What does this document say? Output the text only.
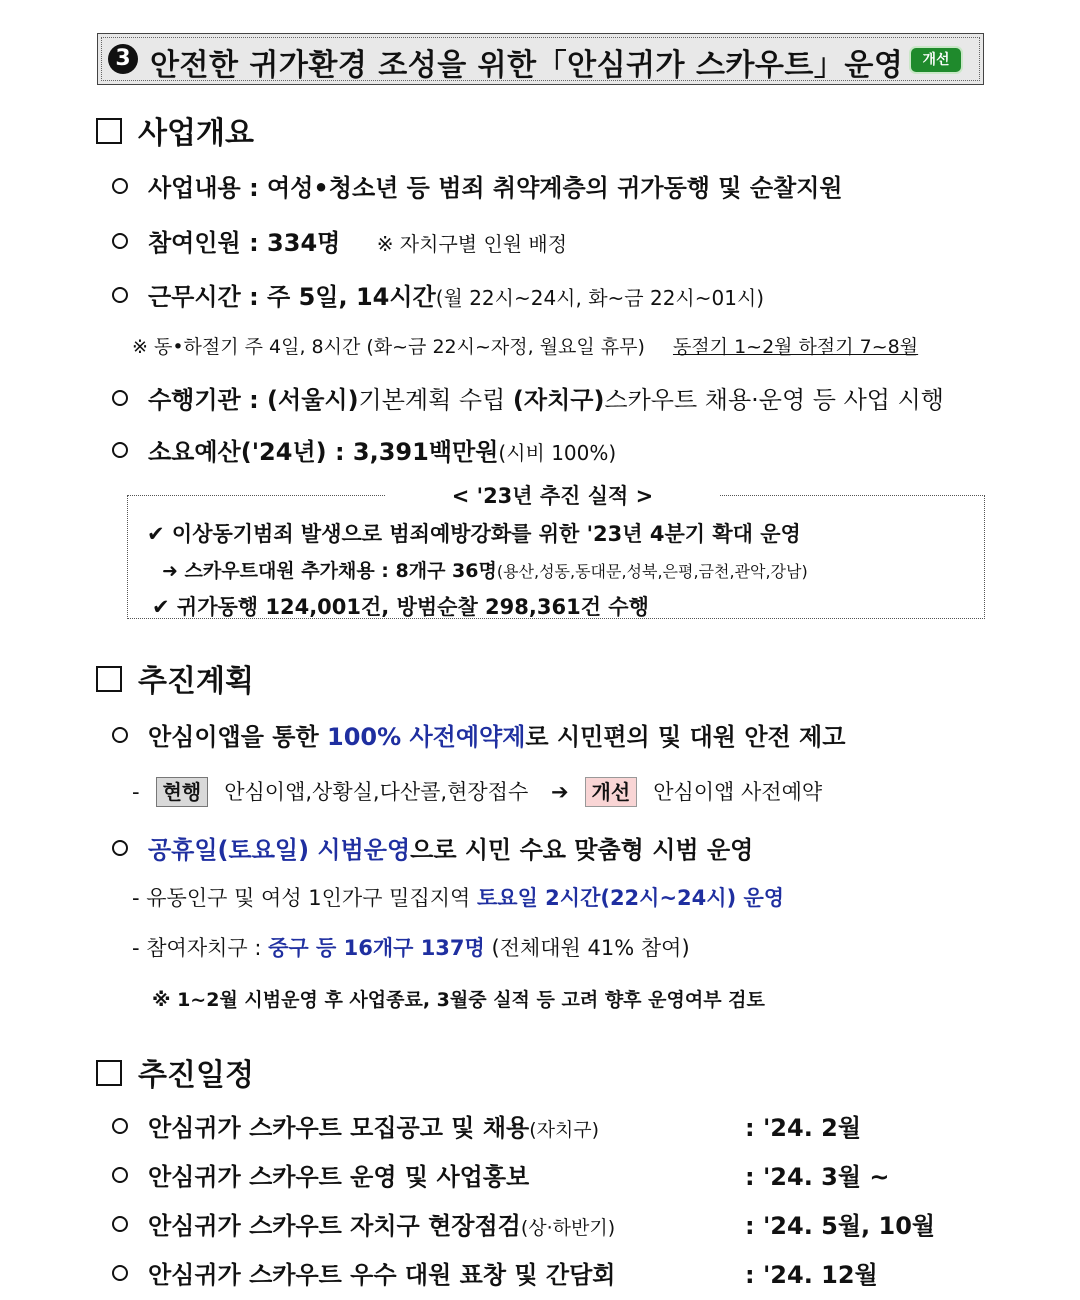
3 안전한 귀가환경 조성을 위한「안심귀가 스카우트」운영	개선
사업개요
사업내용 : 여성•청소년 등 범죄 취약계층의 귀가동행 및 순찰지원
참여인원 : 334명 ※ 자치구별 인원 배정
근무시간 : 주 5일, 14시간(월 22시~24시, 화~금 22시~01시)
※ 동•하절기 주 4일, 8시간 (화~금 22시~자정, 월요일 휴무) 동절기 1~2월 하절기 7~8월
수행기관 : (서울시)기본계획 수립 (자치구)스카우트 채용·운영 등 사업 시행
소요예산('24년) : 3,391백만원(시비 100%)
< '23년 추진 실적 >
✔ 이상동기범죄 발생으로 범죄예방강화를 위한 '23년 4분기 확대 운영
➜ 스카우트대원 추가채용 : 8개구 36명(용산,성동,동대문,성북,은평,금천,관악,강남)
✔ 귀가동행 124,001건, 방범순찰 298,361건 수행
추진계획
안심이앱을 통한 100% 사전예약제로 시민편의 및 대원 안전 제고
- 현행 안심이앱,상황실,다산콜,현장접수 ➔ 개선 안심이앱 사전예약
공휴일(토요일) 시범운영으로 시민 수요 맞춤형 시범 운영
- 유동인구 및 여성 1인가구 밀집지역 토요일 2시간(22시~24시) 운영
- 참여자치구 : 중구 등 16개구 137명 (전체대원 41% 참여)
※ 1~2월 시범운영 후 사업종료, 3월중 실적 등 고려 향후 운영여부 검토
추진일정
안심귀가 스카우트 모집공고 및 채용(자치구)	: '24. 2월
안심귀가 스카우트 운영 및 사업홍보	: '24. 3월 ~
안심귀가 스카우트 자치구 현장점검(상·하반기)	: '24. 5월, 10월
안심귀가 스카우트 우수 대원 표창 및 간담회	: '24. 12월
